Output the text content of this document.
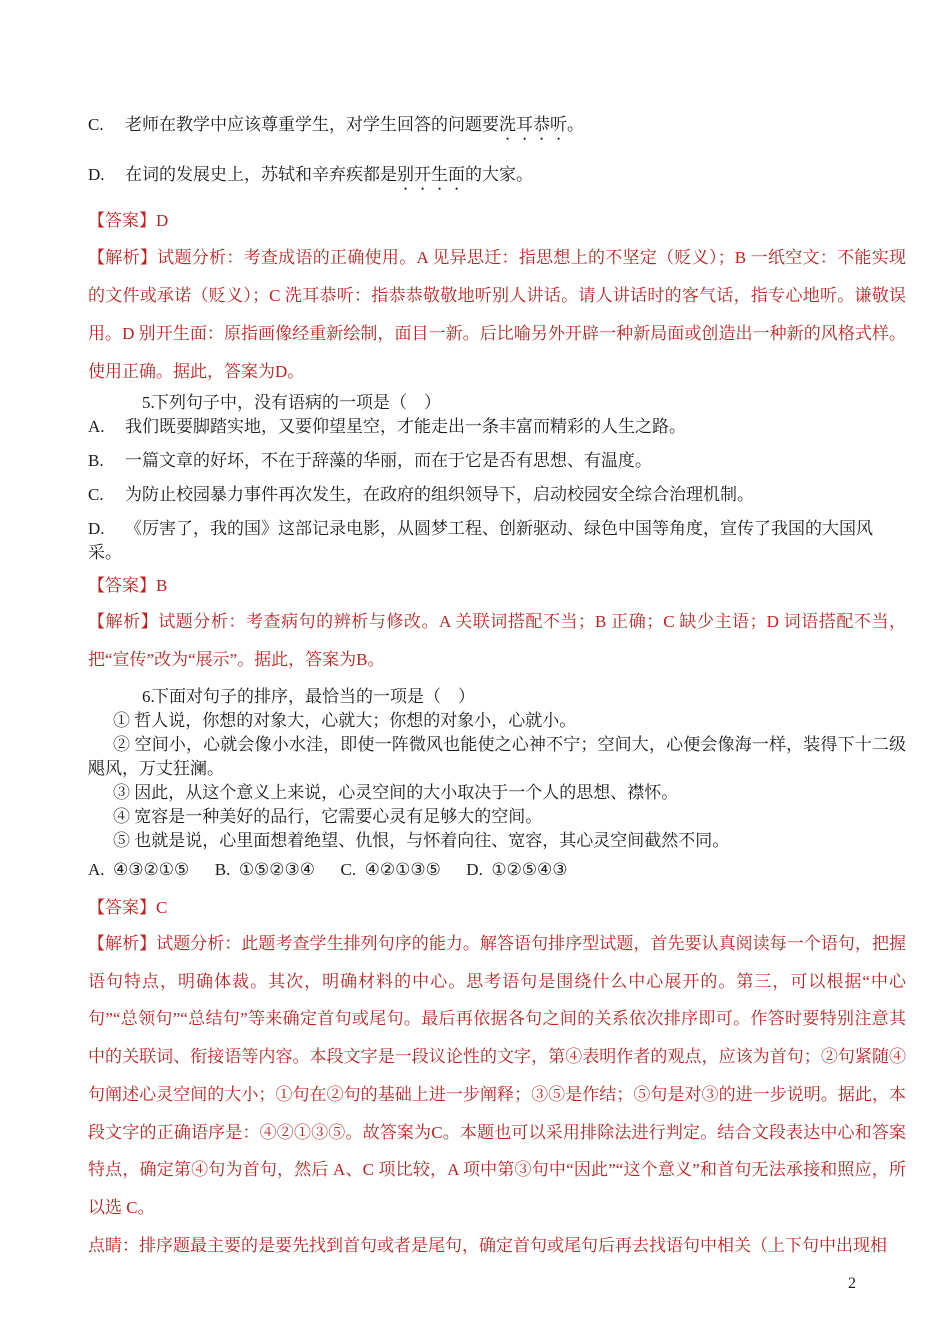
C. 老师在教学中应该尊重学生，对学生回答的问题要洗耳恭听。
D. 在词的发展史上，苏轼和辛弃疾都是别开生面的大家。
【答案】D
【解析】试题分析：考查成语的正确使用。A 见异思迁：指思想上的不坚定（贬义）；B 一纸空文：不能实现的文件或承诺（贬义）；C 洗耳恭听：指恭恭敬敬地听别人讲话。请人讲话时的客气话，指专心地听。谦敬误用。D 别开生面：原指画像经重新绘制，面目一新。后比喻另外开辟一种新局面或创造出一种新的风格式样。使用正确。据此，答案为D。
5.下列句子中，没有语病的一项是（　）
A. 我们既要脚踏实地，又要仰望星空，才能走出一条丰富而精彩的人生之路。
B. 一篇文章的好坏，不在于辞藻的华丽，而在于它是否有思想、有温度。
C. 为防止校园暴力事件再次发生，在政府的组织领导下，启动校园安全综合治理机制。
D. 《厉害了，我的国》这部记录电影，从圆梦工程、创新驱动、绿色中国等角度，宣传了我国的大国风采。
【答案】B
【解析】试题分析：考查病句的辨析与修改。A 关联词搭配不当；B 正确；C 缺少主语；D 词语搭配不当，把“宣传”改为“展示”。据此，答案为B。
6.下面对句子的排序，最恰当的一项是（　）
① 哲人说，你想的对象大，心就大；你想的对象小，心就小。
② 空间小，心就会像小水洼，即使一阵微风也能使之心神不宁；空间大，心便会像海一样，装得下十二级飓风，万丈狂澜。
③ 因此，从这个意义上来说，心灵空间的大小取决于一个人的思想、襟怀。
④ 宽容是一种美好的品行，它需要心灵有足够大的空间。
⑤ 也就是说，心里面想着绝望、仇恨，与怀着向往、宽容，其心灵空间截然不同。
A.  ④③②①⑤      B.  ①⑤②③④      C.  ④②①③⑤      D.  ①②⑤④③
【答案】C
【解析】试题分析：此题考查学生排列句序的能力。解答语句排序型试题，首先要认真阅读每一个语句，把握语句特点，明确体裁。其次，明确材料的中心。思考语句是围绕什么中心展开的。第三，可以根据“中心句”“总领句”“总结句”等来确定首句或尾句。最后再依据各句之间的关系依次排序即可。作答时要特别注意其中的关联词、衔接语等内容。本段文字是一段议论性的文字，第④表明作者的观点，应该为首句；②句紧随④句阐述心灵空间的大小；①句在②句的基础上进一步阐释；③⑤是作结；⑤句是对③的进一步说明。据此，本段文字的正确语序是：④②①③⑤。故答案为C。本题也可以采用排除法进行判定。结合文段表达中心和答案特点，确定第④句为首句，然后 A、C 项比较，A 项中第③句中“因此”“这个意义”和首句无法承接和照应，所以选 C。
点睛：排序题最主要的是要先找到首句或者是尾句，确定首句或尾句后再去找语句中相关（上下句中出现相
2
